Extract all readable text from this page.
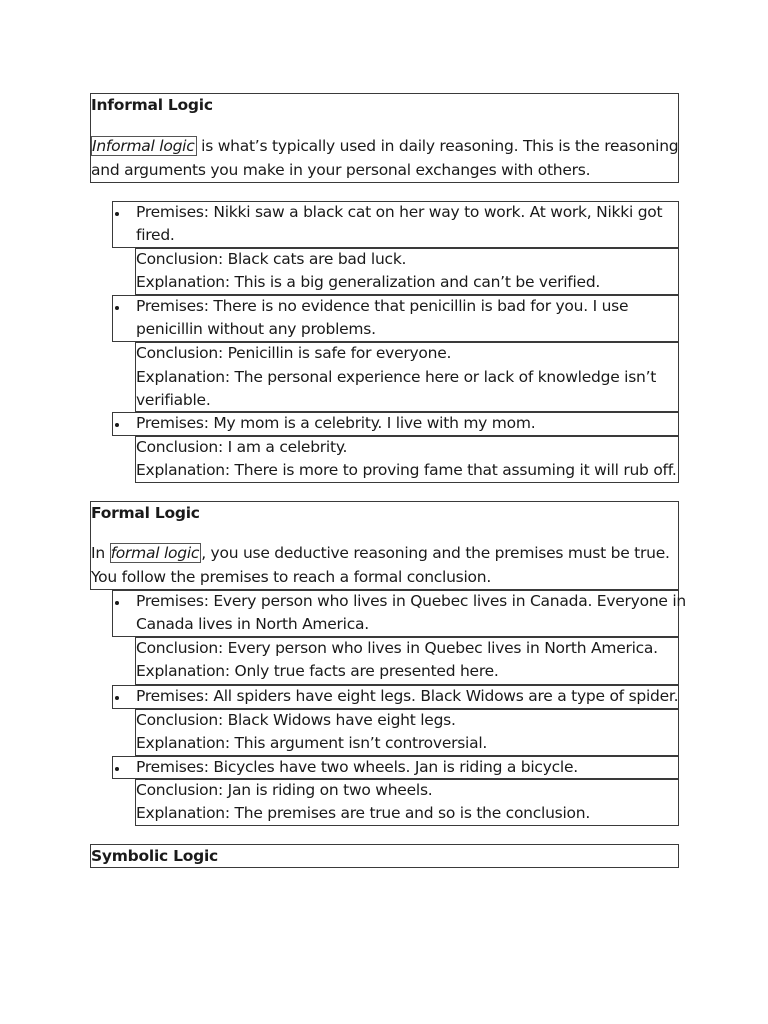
Informal Logic
Informal logic is what’s typically used in daily reasoning. This is the reasoning
and arguments you make in your personal exchanges with others.
Premises: Nikki saw a black cat on her way to work. At work, Nikki got
fired.
Conclusion: Black cats are bad luck.
Explanation: This is a big generalization and can’t be verified.
Premises: There is no evidence that penicillin is bad for you. I use
penicillin without any problems.
Conclusion: Penicillin is safe for everyone.
Explanation: The personal experience here or lack of knowledge isn’t
verifiable.
Premises: My mom is a celebrity. I live with my mom.
Conclusion: I am a celebrity.
Explanation: There is more to proving fame that assuming it will rub off.
Formal Logic
In formal logic , you use deductive reasoning and the premises must be true.
You follow the premises to reach a formal conclusion.
Premises: Every person who lives in Quebec lives in Canada. Everyone in
Canada lives in North America.
Conclusion: Every person who lives in Quebec lives in North America.
Explanation: Only true facts are presented here.
Premises: All spiders have eight legs. Black Widows are a type of spider.
Conclusion: Black Widows have eight legs.
Explanation: This argument isn’t controversial.
Premises: Bicycles have two wheels. Jan is riding a bicycle.
Conclusion: Jan is riding on two wheels.
Explanation: The premises are true and so is the conclusion.
Symbolic Logic
